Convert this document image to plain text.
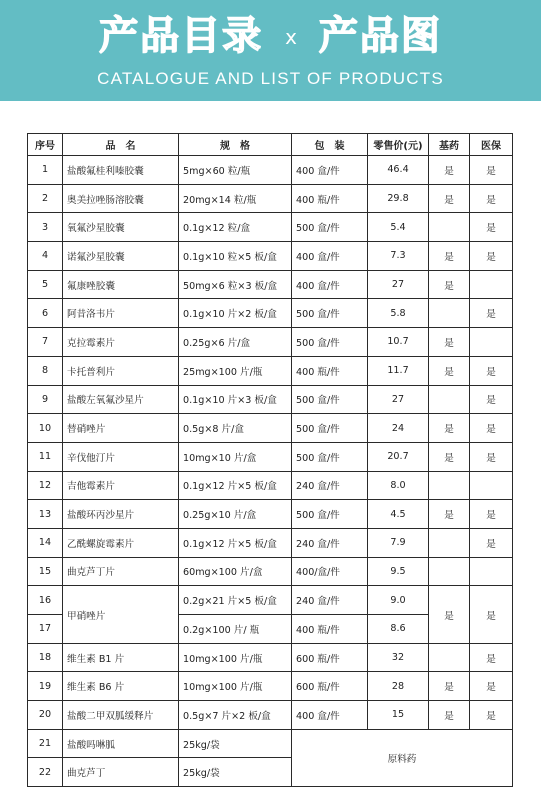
产品目录 x 产品图
CATALOGUE AND LIST OF PRODUCTS
序号	品　名	规　格	包　装	零售价(元)	基药	医保
1	盐酸氟桂利嗪胶囊	5mg×60 粒/瓶	400 盒/件	46.4	是	是
2	奥美拉唑肠溶胶囊	20mg×14 粒/瓶	400 瓶/件	29.8	是	是
3	氧氟沙星胶囊	0.1g×12 粒/盒	500 盒/件	5.4		是
4	诺氟沙星胶囊	0.1g×10 粒×5 板/盒	400 盒/件	7.3	是	是
5	氟康唑胶囊	50mg×6 粒×3 板/盒	400 盒/件	27	是	
6	阿昔洛韦片	0.1g×10 片×2 板/盒	500 盒/件	5.8		是
7	克拉霉素片	0.25g×6 片/盒	500 盒/件	10.7	是	
8	卡托普利片	25mg×100 片/瓶	400 瓶/件	11.7	是	是
9	盐酸左氧氟沙星片	0.1g×10 片×3 板/盒	500 盒/件	27		是
10	替硝唑片	0.5g×8 片/盒	500 盒/件	24	是	是
11	辛伐他汀片	10mg×10 片/盒	500 盒/件	20.7	是	是
12	吉他霉素片	0.1g×12 片×5 板/盒	240 盒/件	8.0		
13	盐酸环丙沙星片	0.25g×10 片/盒	500 盒/件	4.5	是	是
14	乙酰螺旋霉素片	0.1g×12 片×5 板/盒	240 盒/件	7.9		是
15	曲克芦丁片	60mg×100 片/盒	400/盒/件	9.5		
16	甲硝唑片	0.2g×21 片×5 板/盒	240 盒/件	9.0	是	是
17		0.2g×100 片/ 瓶	400 瓶/件	8.6		
18	维生素 B1 片	10mg×100 片/瓶	600 瓶/件	32		是
19	维生素 B6 片	10mg×100 片/瓶	600 瓶/件	28	是	是
20	盐酸二甲双胍缓释片	0.5g×7 片×2 板/盒	400 盒/件	15	是	是
21	盐酸吗啉胍	25kg/袋	原料药			
22	曲克芦丁	25kg/袋				
